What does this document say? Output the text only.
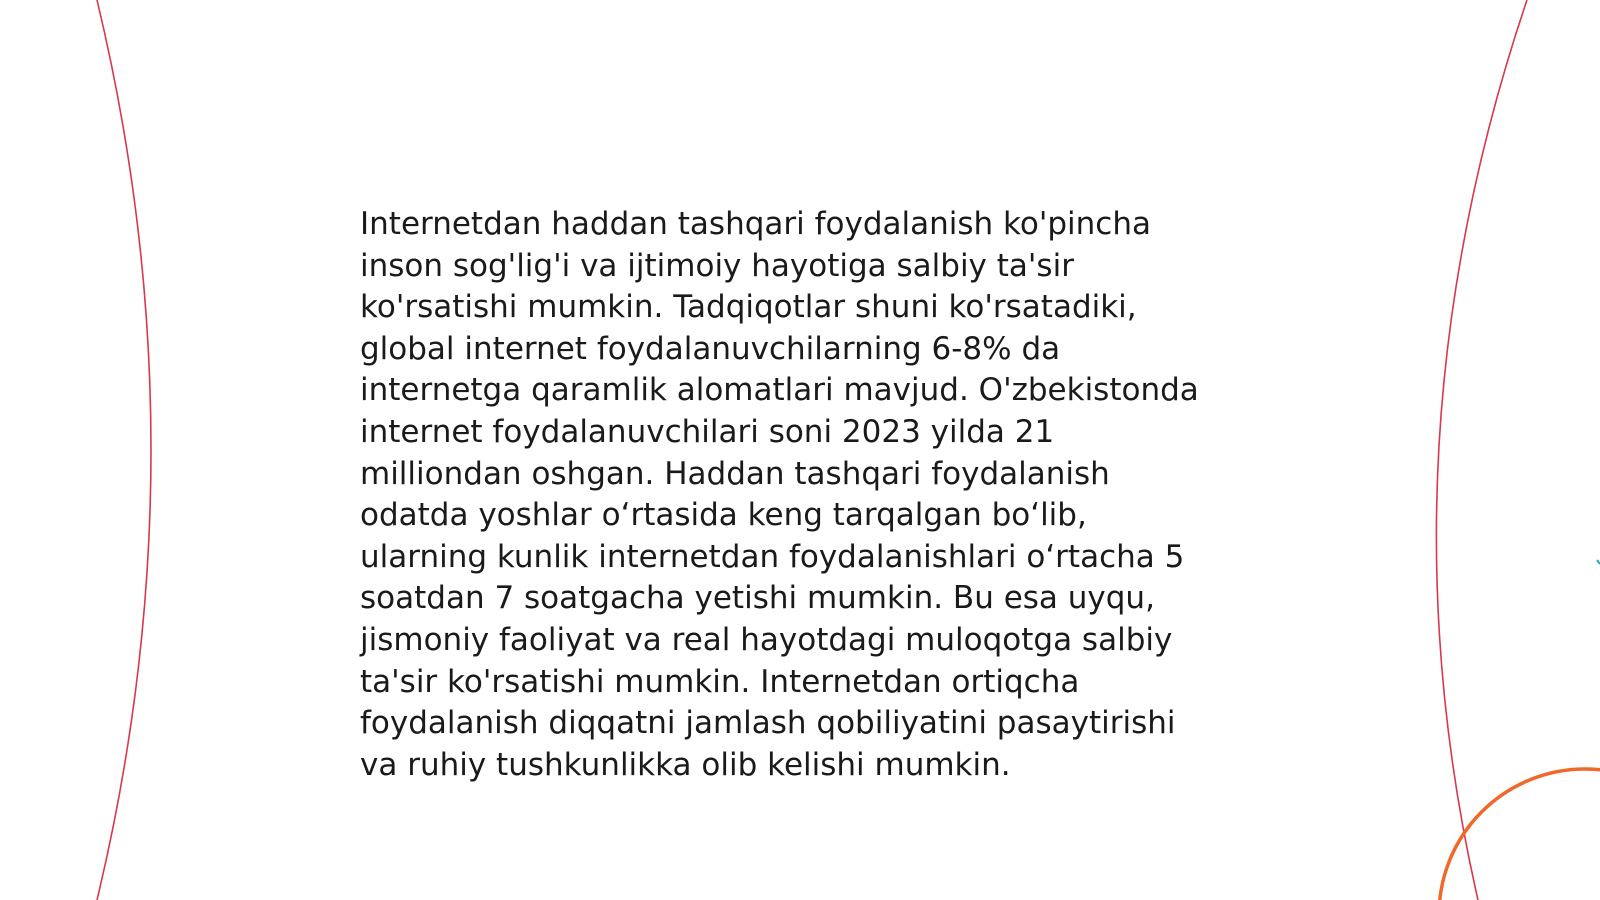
Internetdan haddan tashqari foydalanish ko'pincha
inson sog'lig'i va ijtimoiy hayotiga salbiy ta'sir
ko'rsatishi mumkin. Tadqiqotlar shuni ko'rsatadiki,
global internet foydalanuvchilarning 6-8% da
internetga qaramlik alomatlari mavjud. O'zbekistonda
internet foydalanuvchilari soni 2023 yilda 21
milliondan oshgan. Haddan tashqari foydalanish
odatda yoshlar o‘rtasida keng tarqalgan bo‘lib,
ularning kunlik internetdan foydalanishlari o‘rtacha 5
soatdan 7 soatgacha yetishi mumkin. Bu esa uyqu,
jismoniy faoliyat va real hayotdagi muloqotga salbiy
ta'sir ko'rsatishi mumkin. Internetdan ortiqcha
foydalanish diqqatni jamlash qobiliyatini pasaytirishi
va ruhiy tushkunlikka olib kelishi mumkin.
